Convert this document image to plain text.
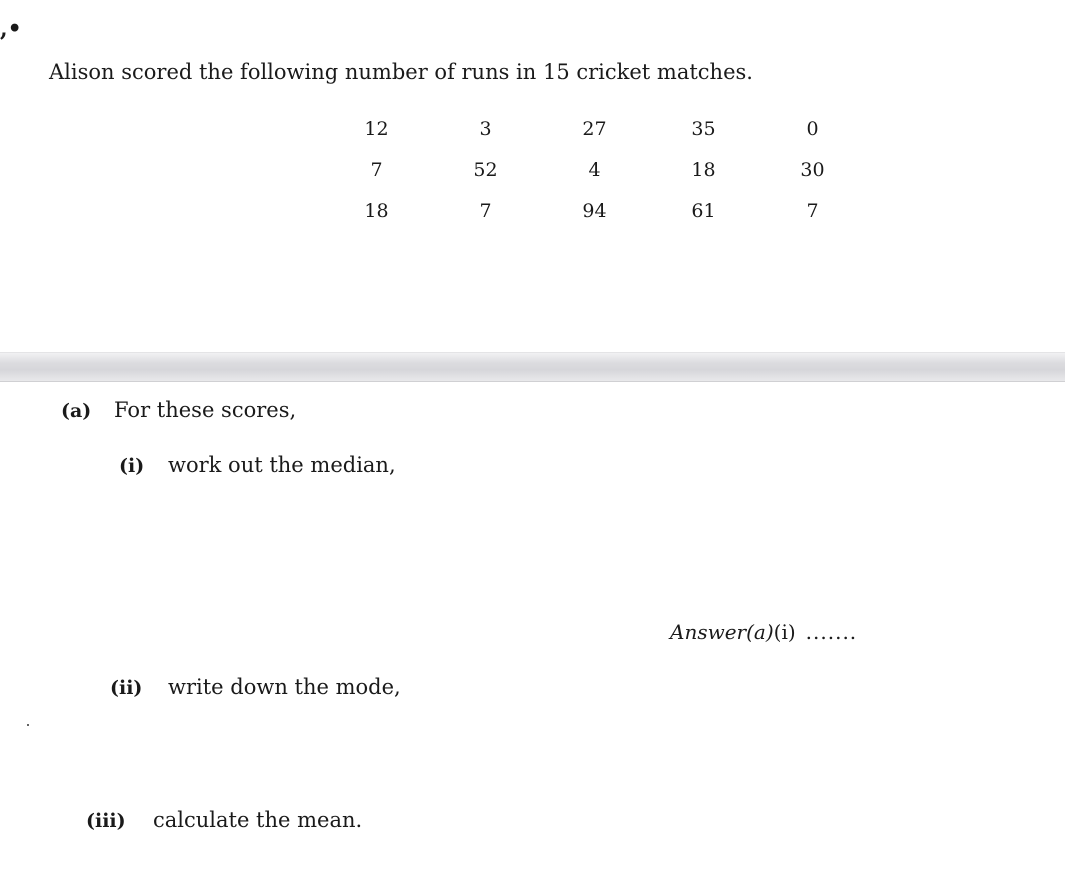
,•
Alison scored the following number of runs in 15 cricket matches.
12	3	27	35	0
7	52	4	18	30
18	7	94	61	7
(a) For these scores,
(i) work out the median,
Answer(a)(i) .......
(ii) write down the mode,
(iii) calculate the mean.
